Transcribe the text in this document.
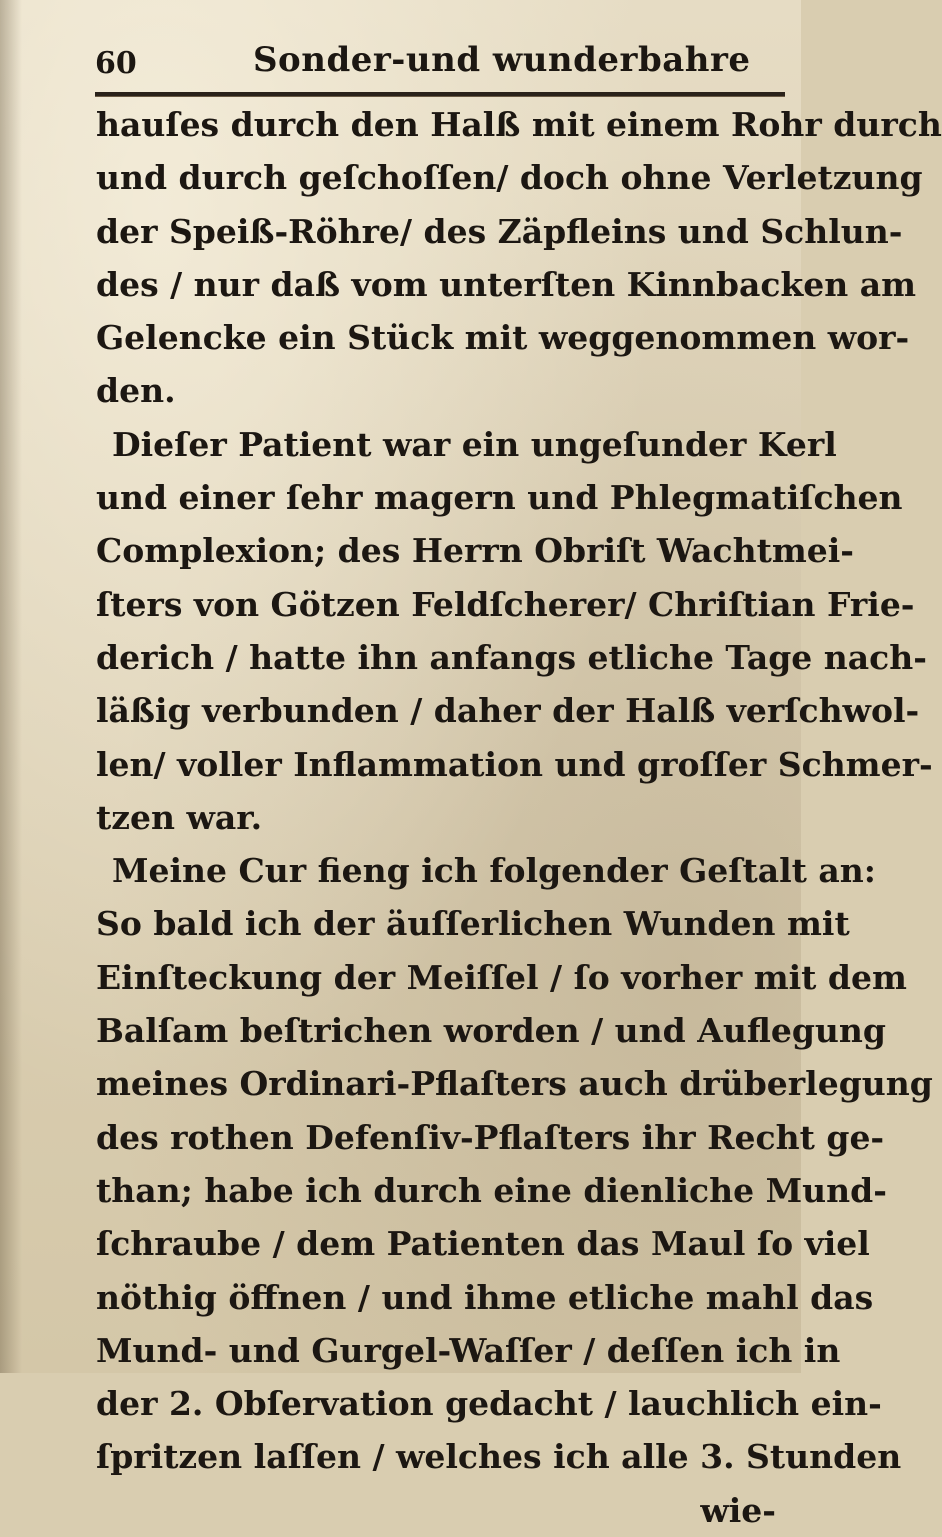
60	Sonder-und wunderbahre
hauſes durch den Halß mit einem Rohr durch
und durch geſchoſſen/ doch ohne Verletzung
der Speiß-Röhre/ des Zäpfleins und Schlun-
des / nur daß vom unterſten Kinnbacken am
Gelencke ein Stück mit weggenommen wor-
den.
Dieſer Patient war ein ungeſunder Kerl
und einer ſehr magern und Phlegmatiſchen
Complexion; des Herrn Obriſt Wachtmei-
ſters von Götzen Feldſcherer/ Chriſtian Frie-
derich / hatte ihn anfangs etliche Tage nach-
läßig verbunden / daher der Halß verſchwol-
len/ voller Inflammation und groſſer Schmer-
tzen war.
Meine Cur fieng ich folgender Geſtalt an:
So bald ich der äuſſerlichen Wunden mit
Einſteckung der Meiſſel / ſo vorher mit dem
Balſam beſtrichen worden / und Auflegung
meines Ordinari-Pflaſters auch drüberlegung
des rothen Defenſiv-Pflaſters ihr Recht ge-
than; habe ich durch eine dienliche Mund-
ſchraube / dem Patienten das Maul ſo viel
nöthig öffnen / und ihme etliche mahl das
Mund- und Gurgel-Waſſer / deſſen ich in
der 2. Obſervation gedacht / lauchlich ein-
ſpritzen laſſen / welches ich alle 3. Stunden
wie-
